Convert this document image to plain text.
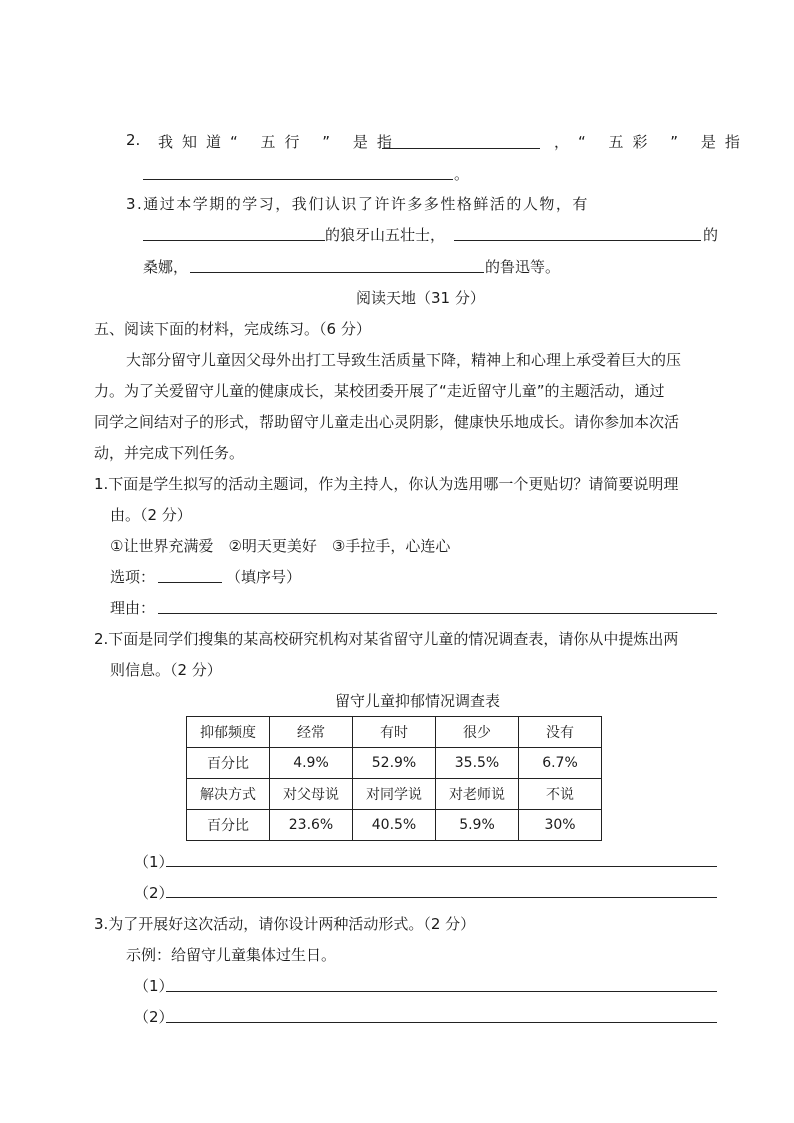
2. 我知道“ 五行 ” 是指	，“ 五彩 ” 是指
。
3.通过本学期的学习，我们认识了许许多多性格鲜活的人物，有
的狼牙山五壮士，	的
桑娜，	的鲁迅等。
阅读天地（31 分）
五、阅读下面的材料，完成练习。（6 分）
大部分留守儿童因父母外出打工导致生活质量下降，精神上和心理上承受着巨大的压
力。为了关爱留守儿童的健康成长，某校团委开展了“走近留守儿童”的主题活动，通过
同学之间结对子的形式，帮助留守儿童走出心灵阴影，健康快乐地成长。请你参加本次活
动，并完成下列任务。
1.下面是学生拟写的活动主题词，作为主持人，你认为选用哪一个更贴切？请简要说明理
由。（2 分）
①让世界充满爱　②明天更美好　③手拉手，心连心
选项：	（填序号）
理由：
2.下面是同学们搜集的某高校研究机构对某省留守儿童的情况调查表，请你从中提炼出两
则信息。（2 分）
留守儿童抑郁情况调查表
抑郁频度	经常	有时	很少	没有
百分比	4.9%	52.9%	35.5%	6.7%
解决方式	对父母说	对同学说	对老师说	不说
百分比	23.6%	40.5%	5.9%	30%
（1）
（2）
3.为了开展好这次活动，请你设计两种活动形式。（2 分）
示例：给留守儿童集体过生日。
（1）
（2）
